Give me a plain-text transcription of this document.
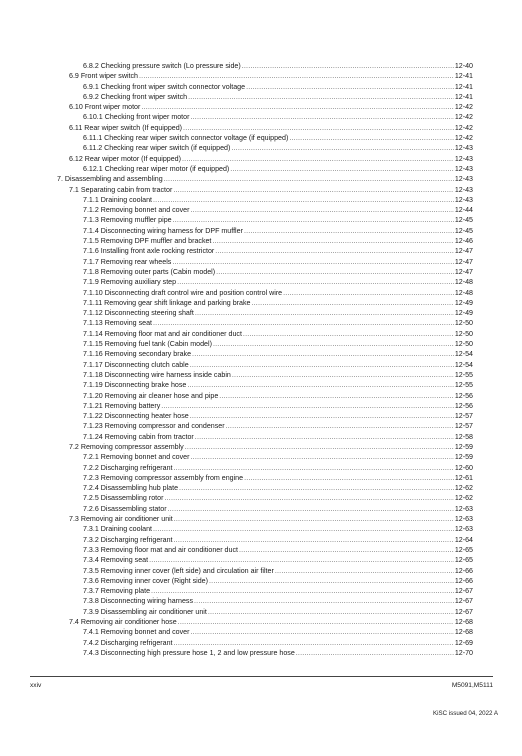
6.8.2 Checking pressure switch (Lo pressure side) .....	12-40
6.9 Front wiper switch .....	12-41
6.9.1 Checking front wiper switch connector voltage .....	12-41
6.9.2 Checking front wiper switch .....	12-41
6.10 Front wiper motor .....	12-42
6.10.1 Checking front wiper motor .....	12-42
6.11 Rear wiper switch (If equipped) .....	12-42
6.11.1 Checking rear wiper switch connector voltage (if equipped) .....	12-42
6.11.2 Checking rear wiper switch (if equipped) .....	12-43
6.12 Rear wiper motor (If equipped) .....	12-43
6.12.1 Checking rear wiper motor (if equipped) .....	12-43
7. Disassembling and assembling .....	12-43
7.1 Separating cabin from tractor .....	12-43
7.1.1 Draining coolant .....	12-43
7.1.2 Removing bonnet and cover .....	12-44
7.1.3 Removing muffler pipe .....	12-45
7.1.4 Disconnecting wiring harness for DPF muffler .....	12-45
7.1.5 Removing DPF muffler and bracket .....	12-46
7.1.6 Installing front axle rocking restrictor .....	12-47
7.1.7 Removing rear wheels .....	12-47
7.1.8 Removing outer parts (Cabin model) .....	12-47
7.1.9 Removing auxiliary step .....	12-48
7.1.10 Disconnecting draft control wire and position control wire .....	12-48
7.1.11 Removing gear shift linkage and parking brake .....	12-49
7.1.12 Disconnecting steering shaft .....	12-49
7.1.13 Removing seat .....	12-50
7.1.14 Removing floor mat and air conditioner duct .....	12-50
7.1.15 Removing fuel tank (Cabin model) .....	12-50
7.1.16 Removing secondary brake .....	12-54
7.1.17 Disconnecting clutch cable .....	12-54
7.1.18 Disconnecting wire harness inside cabin .....	12-55
7.1.19 Disconnecting brake hose .....	12-55
7.1.20 Removing air cleaner hose and pipe .....	12-56
7.1.21 Removing battery .....	12-56
7.1.22 Disconnecting heater hose .....	12-57
7.1.23 Removing compressor and condenser .....	12-57
7.1.24 Removing cabin from tractor .....	12-58
7.2 Removing compressor assembly .....	12-59
7.2.1 Removing bonnet and cover .....	12-59
7.2.2 Discharging refrigerant .....	12-60
7.2.3 Removing compressor assembly from engine .....	12-61
7.2.4 Disassembling hub plate .....	12-62
7.2.5 Disassembling rotor .....	12-62
7.2.6 Disassembling stator .....	12-63
7.3 Removing air conditioner unit .....	12-63
7.3.1 Draining coolant .....	12-63
7.3.2 Discharging refrigerant .....	12-64
7.3.3 Removing floor mat and air conditioner duct .....	12-65
7.3.4 Removing seat .....	12-65
7.3.5 Removing inner cover (left side) and circulation air filter .....	12-66
7.3.6 Removing inner cover (Right side) .....	12-66
7.3.7 Removing plate .....	12-67
7.3.8 Disconnecting wiring harness .....	12-67
7.3.9 Disassembling air conditioner unit .....	12-67
7.4 Removing air conditioner hose .....	12-68
7.4.1 Removing bonnet and cover .....	12-68
7.4.2 Discharging refrigerant .....	12-69
7.4.3 Disconnecting high pressure hose 1, 2 and low pressure hose .....	12-70
xxiv	M5091,M5111
KiSC issued 04, 2022 A
